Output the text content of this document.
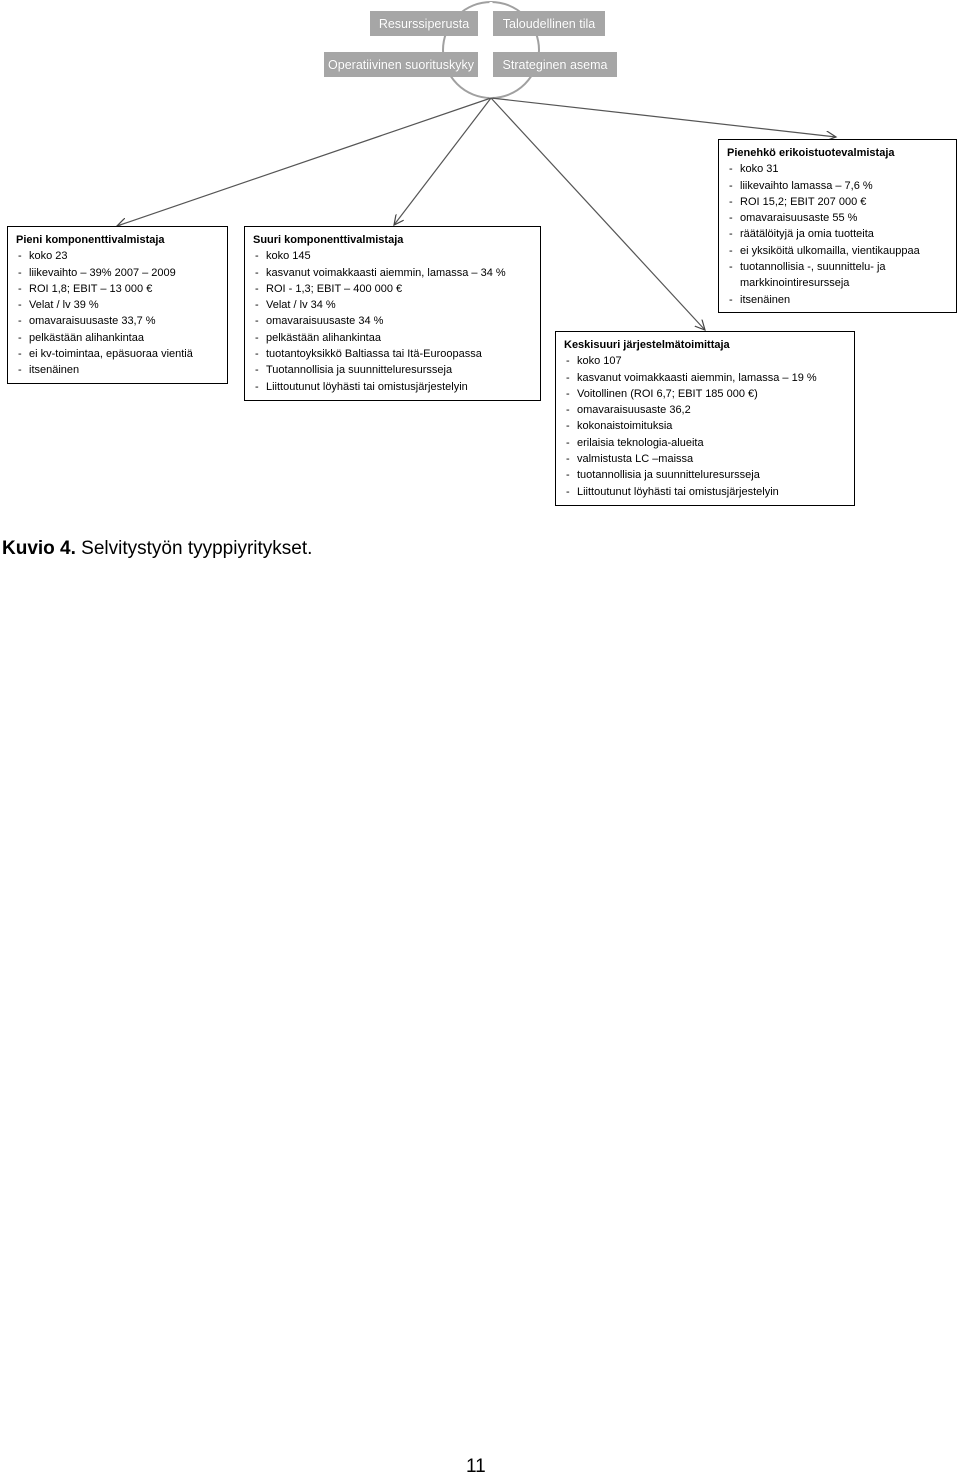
Resurssiperusta	Taloudellinen tila
Operatiivinen suorituskyky	Strateginen asema
Pieni komponenttivalmistaja
- koko 23
- liikevaihto – 39% 2007 – 2009
- ROI 1,8; EBIT – 13 000 €
- Velat / lv 39 %
- omavaraisuusaste 33,7 %
- pelkästään alihankintaa
- ei kv-toimintaa, epäsuoraa vientiä
- itsenäinen
Suuri komponenttivalmistaja
- koko 145
- kasvanut voimakkaasti aiemmin, lamassa – 34 %
- ROI - 1,3; EBIT – 400 000 €
- Velat / lv 34 %
- omavaraisuusaste 34 %
- pelkästään alihankintaa
- tuotantoyksikkö Baltiassa tai Itä-Euroopassa
- Tuotannollisia ja suunnitteluresursseja
- Liittoutunut löyhästi tai omistusjärjestelyin
Pienehkö erikoistuotevalmistaja
- koko 31
- liikevaihto lamassa – 7,6 %
- ROI 15,2; EBIT 207 000 €
- omavaraisuusaste 55 %
- räätälöityjä ja omia tuotteita
- ei yksiköitä ulkomailla, vientikauppaa
- tuotannollisia -, suunnittelu- ja
markkinointiresursseja
- itsenäinen
Keskisuuri järjestelmätoimittaja
- koko 107
- kasvanut voimakkaasti aiemmin, lamassa – 19 %
- Voitollinen (ROI 6,7; EBIT 185 000 €)
- omavaraisuusaste 36,2
- kokonaistoimituksia
- erilaisia teknologia-alueita
- valmistusta LC –maissa
- tuotannollisia ja suunnitteluresursseja
- Liittoutunut löyhästi tai omistusjärjestelyin
Kuvio 4. Selvitystyön tyyppiyritykset.
11
